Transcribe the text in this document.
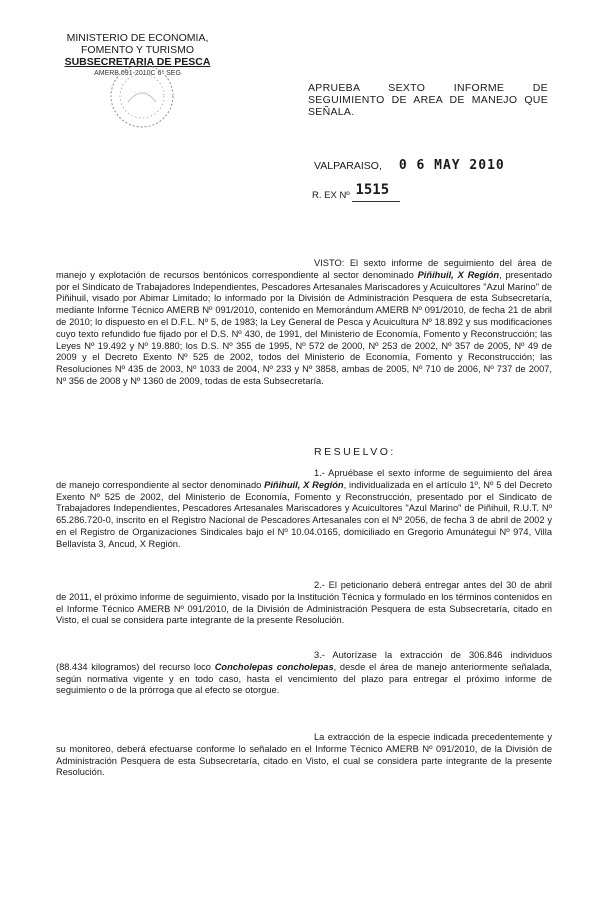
MINISTERIO DE ECONOMIA,
FOMENTO Y TURISMO
SUBSECRETARIA DE PESCA
AMERB 091-2010C 6° SEG
APRUEBA SEXTO INFORME DE SEGUIMIENTO DE AREA DE MANEJO QUE SEÑALA.
VALPARAISO, 0 6 MAY 2010
R. EX Nº 1515

VISTO: El sexto informe de seguimiento del área de manejo y explotación de recursos bentónicos correspondiente al sector denominado Piñihuil, X Región, presentado por el Sindicato de Trabajadores Independientes, Pescadores Artesanales Mariscadores y Acuicultores "Azul Marino" de Piñihuil, visado por Abimar Limitado; lo informado por la División de Administración Pesquera de esta Subsecretaría, mediante Informe Técnico AMERB Nº 091/2010, contenido en Memorándum AMERB Nº 091/2010, de fecha 21 de abril de 2010; lo dispuesto en el D.F.L. Nº 5, de 1983; la Ley General de Pesca y Acuicultura Nº 18.892 y sus modificaciones cuyo texto refundido fue fijado por el D.S. Nº 430, de 1991, del Ministerio de Economía, Fomento y Reconstrucción; las Leyes Nº 19.492 y Nº 19.880; los D.S. Nº 355 de 1995, Nº 572 de 2000, Nº 253 de 2002, Nº 357 de 2005, Nº 49 de 2009 y el Decreto Exento Nº 525 de 2002, todos del Ministerio de Economía, Fomento y Reconstrucción; las Resoluciones Nº 435 de 2003, Nº 1033 de 2004, Nº 233 y Nº 3858, ambas de 2005, Nº 710 de 2006, Nº 737 de 2007, Nº 356 de 2008 y Nº 1360 de 2009, todas de esta Subsecretaría.

RESUELVO:

1.- Apruébase el sexto informe de seguimiento del área de manejo correspondiente al sector denominado Piñihuil, X Región, individualizada en el artículo 1º, Nº 5 del Decreto Exento Nº 525 de 2002, del Ministerio de Economía, Fomento y Reconstrucción, presentado por el Sindicato de Trabajadores Independientes, Pescadores Artesanales Mariscadores y Acuicultores "Azul Marino" de Piñihuil, R.U.T. Nº 65.286.720-0, inscrito en el Registro Nacional de Pescadores Artesanales con el Nº 2056, de fecha 3 de abril de 2002 y en el Registro de Organizaciones Sindicales bajo el Nº 10.04.0165, domiciliado en Gregorio Amunátegui Nº 974, Villa Bellavista 3, Ancud, X Región.

2.- El peticionario deberá entregar antes del 30 de abril de 2011, el próximo informe de seguimiento, visado por la Institución Técnica y formulado en los términos contenidos en el Informe Técnico AMERB Nº 091/2010, de la División de Administración Pesquera de esta Subsecretaría, citado en Visto, el cual se considera parte integrante de la presente Resolución.

3.- Autorízase la extracción de 306.846 individuos (88.434 kilogramos) del recurso loco Concholepas concholepas, desde el área de manejo anteriormente señalada, según normativa vigente y en todo caso, hasta el vencimiento del plazo para entregar el próximo informe de seguimiento o de la prórroga que al efecto se otorgue.

La extracción de la especie indicada precedentemente y su monitoreo, deberá efectuarse conforme lo señalado en el Informe Técnico AMERB Nº 091/2010, de la División de Administración Pesquera de esta Subsecretaría, citado en Visto, el cual se considera parte integrante de la presente Resolución.
